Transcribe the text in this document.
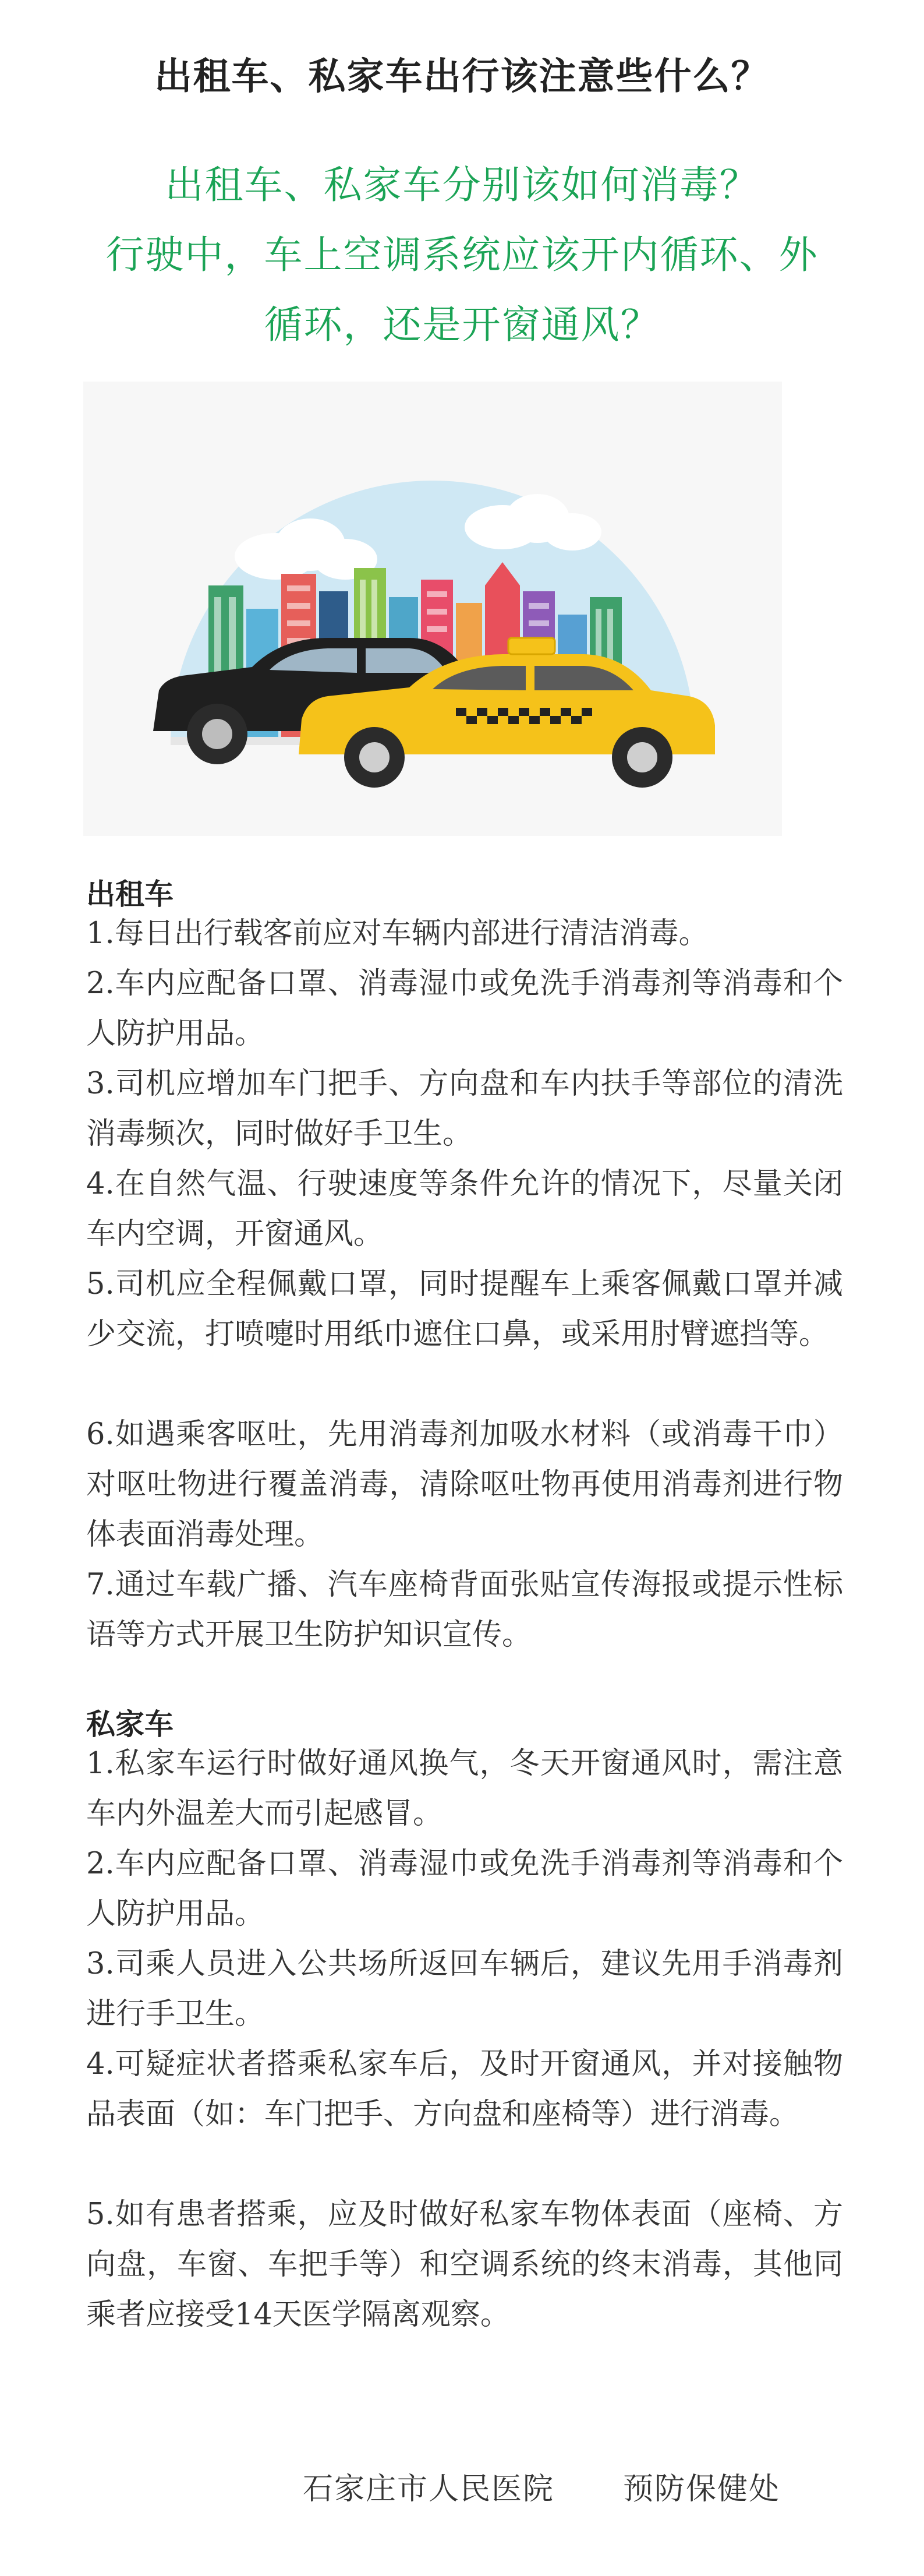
出租车、私家车出行该注意些什么？
出租车、私家车分别该如何消毒？
行驶中，车上空调系统应该开内循环、外
循环，还是开窗通风？
出租车
1.每日出行载客前应对车辆内部进行清洁消毒。
2.车内应配备口罩、消毒湿巾或免洗手消毒剂等消毒和个人防护用品。
3.司机应增加车门把手、方向盘和车内扶手等部位的清洗消毒频次，同时做好手卫生。
4.在自然气温、行驶速度等条件允许的情况下，尽量关闭车内空调，开窗通风。
5.司机应全程佩戴口罩，同时提醒车上乘客佩戴口罩并减少交流，打喷嚏时用纸巾遮住口鼻，或采用肘臂遮挡等。
6.如遇乘客呕吐，先用消毒剂加吸水材料（或消毒干巾）对呕吐物进行覆盖消毒，清除呕吐物再使用消毒剂进行物体表面消毒处理。
7.通过车载广播、汽车座椅背面张贴宣传海报或提示性标语等方式开展卫生防护知识宣传。
私家车
1.私家车运行时做好通风换气，冬天开窗通风时，需注意车内外温差大而引起感冒。
2.车内应配备口罩、消毒湿巾或免洗手消毒剂等消毒和个人防护用品。
3.司乘人员进入公共场所返回车辆后，建议先用手消毒剂进行手卫生。
4.可疑症状者搭乘私家车后，及时开窗通风，并对接触物品表面（如：车门把手、方向盘和座椅等）进行消毒。
5.如有患者搭乘，应及时做好私家车物体表面（座椅、方向盘，车窗、车把手等）和空调系统的终末消毒，其他同乘者应接受14天医学隔离观察。
石家庄市人民医院 预防保健处
